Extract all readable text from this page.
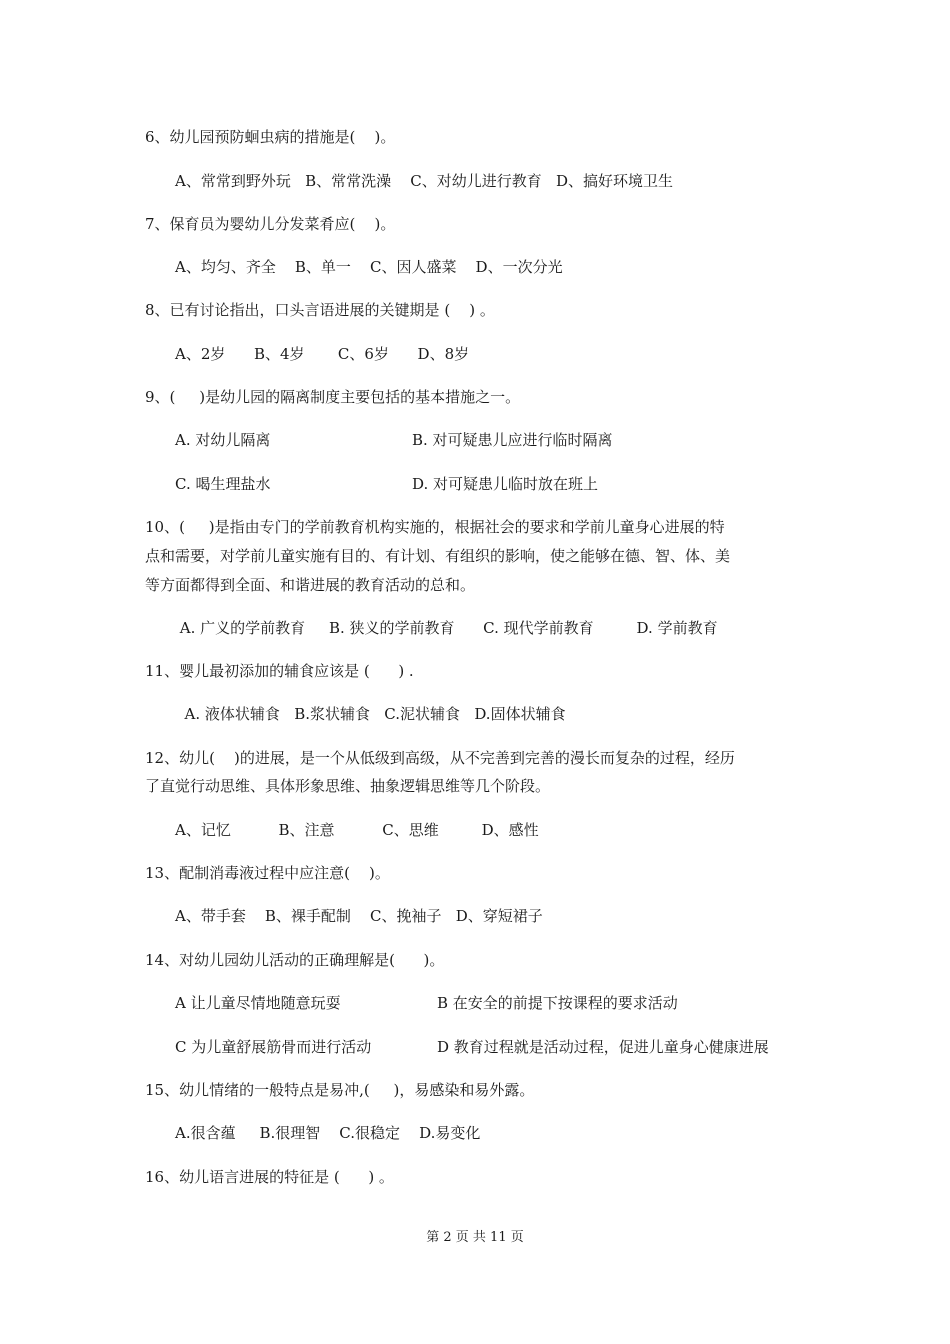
6、幼儿园预防蛔虫病的措施是(    )。
A、常常到野外玩   B、常常洗澡    C、对幼儿进行教育   D、搞好环境卫生
7、保育员为婴幼儿分发菜肴应(    )。
A、均匀、齐全    B、单一    C、因人盛菜    D、一次分光
8、已有讨论指出，口头言语进展的关键期是 (    ) 。
A、2岁      B、4岁       C、6岁      D、8岁
9、(     )是幼儿园的隔离制度主要包括的基本措施之一。
A. 对幼儿隔离	B. 对可疑患儿应进行临时隔离
C. 喝生理盐水	D. 对可疑患儿临时放在班上
10、(     )是指由专门的学前教育机构实施的，根据社会的要求和学前儿童身心进展的特
点和需要，对学前儿童实施有目的、有计划、有组织的影响，使之能够在德、智、体、美
等方面都得到全面、和谐进展的教育活动的总和。
A. 广义的学前教育     B. 狭义的学前教育      C. 现代学前教育         D. 学前教育
11、婴儿最初添加的辅食应该是 (      ) .
A. 液体状辅食   B.浆状辅食   C.泥状辅食   D.固体状辅食
12、幼儿(    )的进展，是一个从低级到高级，从不完善到完善的漫长而复杂的过程，经历
了直觉行动思维、具体形象思维、抽象逻辑思维等几个阶段。
A、记忆          B、注意          C、思维         D、感性
13、配制消毒液过程中应注意(    )。
A、带手套    B、裸手配制    C、挽袖子   D、穿短裙子
14、对幼儿园幼儿活动的正确理解是(      )。
A 让儿童尽情地随意玩耍	B 在安全的前提下按课程的要求活动
C 为儿童舒展筋骨而进行活动	D 教育过程就是活动过程，促进儿童身心健康进展
15、幼儿情绪的一般特点是易冲,(     )，易感染和易外露。
A.很含蕴     B.很理智    C.很稳定    D.易变化
16、幼儿语言进展的特征是 (      ) 。
第 2 页 共 11 页
